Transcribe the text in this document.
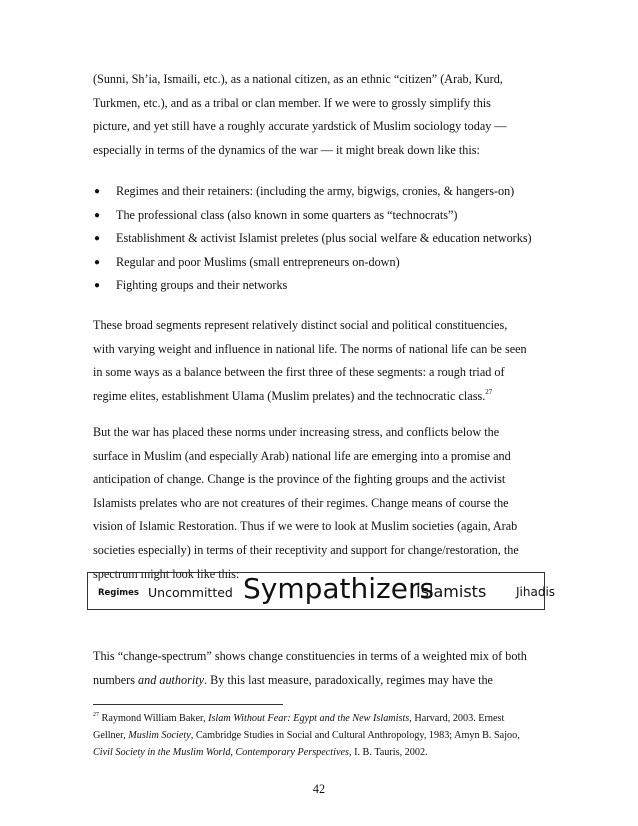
(Sunni, Sh’ia, Ismaili, etc.), as a national citizen, as an ethnic “citizen” (Arab, Kurd,
Turkmen, etc.), and as a tribal or clan member. If we were to grossly simplify this
picture, and yet still have a roughly accurate yardstick of Muslim sociology today —
especially in terms of the dynamics of the war — it might break down like this:
● Regimes and their retainers: (including the army, bigwigs, cronies, & hangers-on)
● The professional class (also known in some quarters as “technocrats”)
● Establishment & activist Islamist preletes (plus social welfare & education networks)
● Regular and poor Muslims (small entrepreneurs on-down)
● Fighting groups and their networks
These broad segments represent relatively distinct social and political constituencies,
with varying weight and influence in national life. The norms of national life can be seen
in some ways as a balance between the first three of these segments: a rough triad of
regime elites, establishment Ulama (Muslim prelates) and the technocratic class.$^{27}$
But the war has placed these norms under increasing stress, and conflicts below the
surface in Muslim (and especially Arab) national life are emerging into a promise and
anticipation of change. Change is the province of the fighting groups and the activist
Islamists prelates who are not creatures of their regimes. Change means of course the
vision of Islamic Restoration. Thus if we were to look at Muslim societies (again, Arab
societies especially) in terms of their receptivity and support for change/restoration, the
spectrum might look like this:
Regimes Uncommitted Sympathizers
Islamists Jihadis
This “change-spectrum” shows change constituencies in terms of a weighted mix of both
numbers and authority. By this last measure, paradoxically, regimes may have the
$^{27}$ Raymond William Baker, Islam Without Fear: Egypt and the New Islamists, Harvard, 2003. Ernest
Gellner, Muslim Society, Cambridge Studies in Social and Cultural Anthropology, 1983; Amyn B. Sajoo,
Civil Society in the Muslim World, Contemporary Perspectives, I. B. Tauris, 2002.
42
